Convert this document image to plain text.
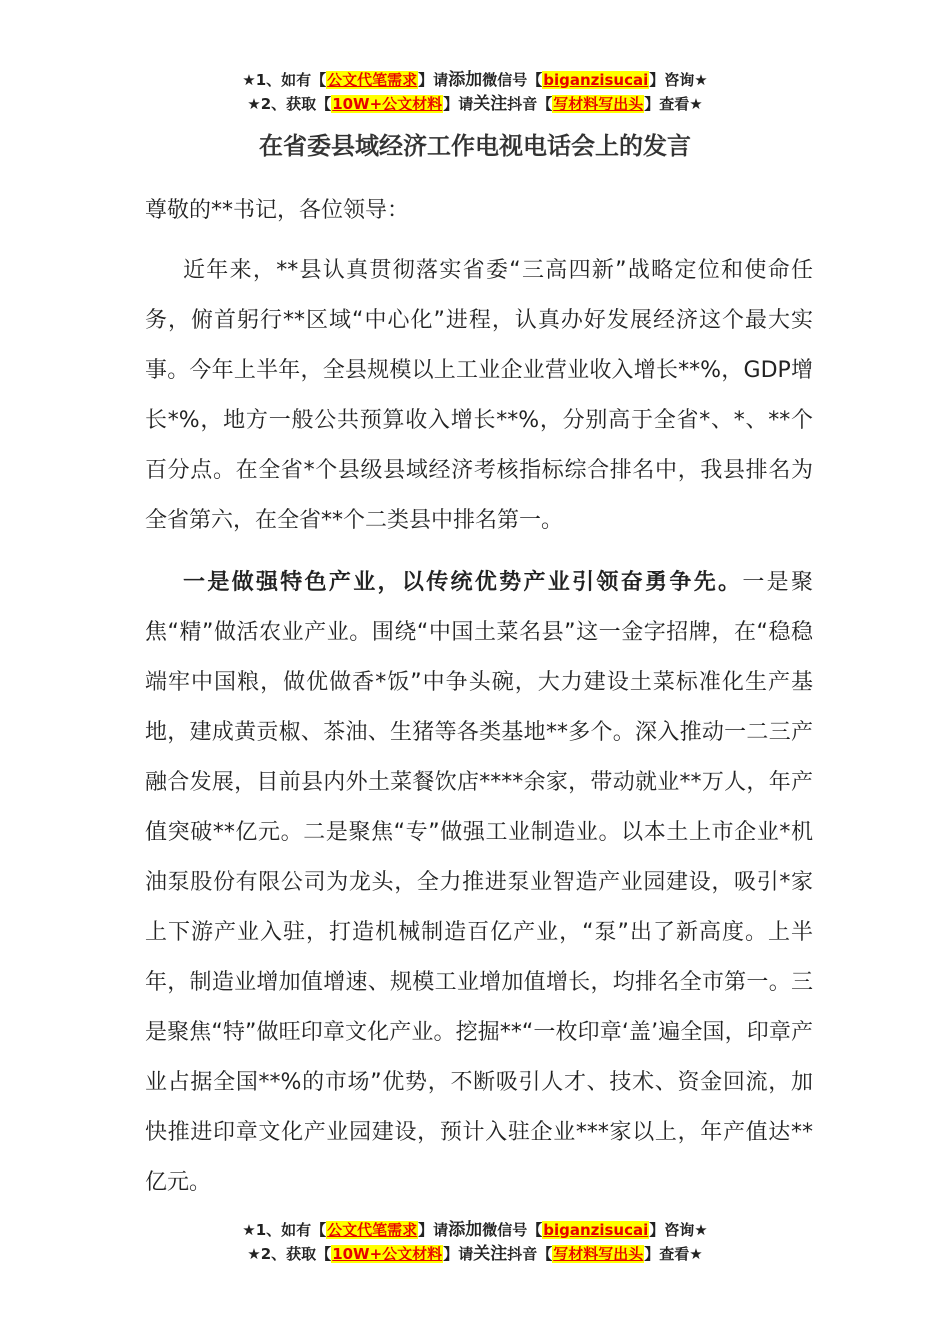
★1、如有【公文代笔需求】请添加微信号【biganzisucai】咨询★
★2、获取【10W+公文材料】请关注抖音【写材料写出头】查看★
在省委县域经济工作电视电话会上的发言

尊敬的**书记，各位领导：

近年来，**县认真贯彻落实省委“三高四新”战略定位和使命任务，俯首躬行**区域“中心化”进程，认真办好发展经济这个最大实事。今年上半年，全县规模以上工业企业营业收入增长**%，GDP增长*%，地方一般公共预算收入增长**%，分别高于全省*、*、**个百分点。在全省*个县级县域经济考核指标综合排名中，我县排名为全省第六，在全省**个二类县中排名第一。

一是做强特色产业，以传统优势产业引领奋勇争先。一是聚焦“精”做活农业产业。围绕“中国土菜名县”这一金字招牌，在“稳稳端牢中国粮，做优做香*饭”中争头碗，大力建设土菜标准化生产基地，建成黄贡椒、茶油、生猪等各类基地**多个。深入推动一二三产融合发展，目前县内外土菜餐饮店****余家，带动就业**万人，年产值突破**亿元。二是聚焦“专”做强工业制造业。以本土上市企业*机油泵股份有限公司为龙头，全力推进泵业智造产业园建设，吸引*家上下游产业入驻，打造机械制造百亿产业，“泵”出了新高度。上半年，制造业增加值增速、规模工业增加值增长，均排名全市第一。三是聚焦“特”做旺印章文化产业。挖掘**“一枚印章‘盖’遍全国，印章产业占据全国**%的市场”优势，不断吸引人才、技术、资金回流，加快推进印章文化产业园建设，预计入驻企业***家以上，年产值达**亿元。

★1、如有【公文代笔需求】请添加微信号【biganzisucai】咨询★
★2、获取【10W+公文材料】请关注抖音【写材料写出头】查看★
